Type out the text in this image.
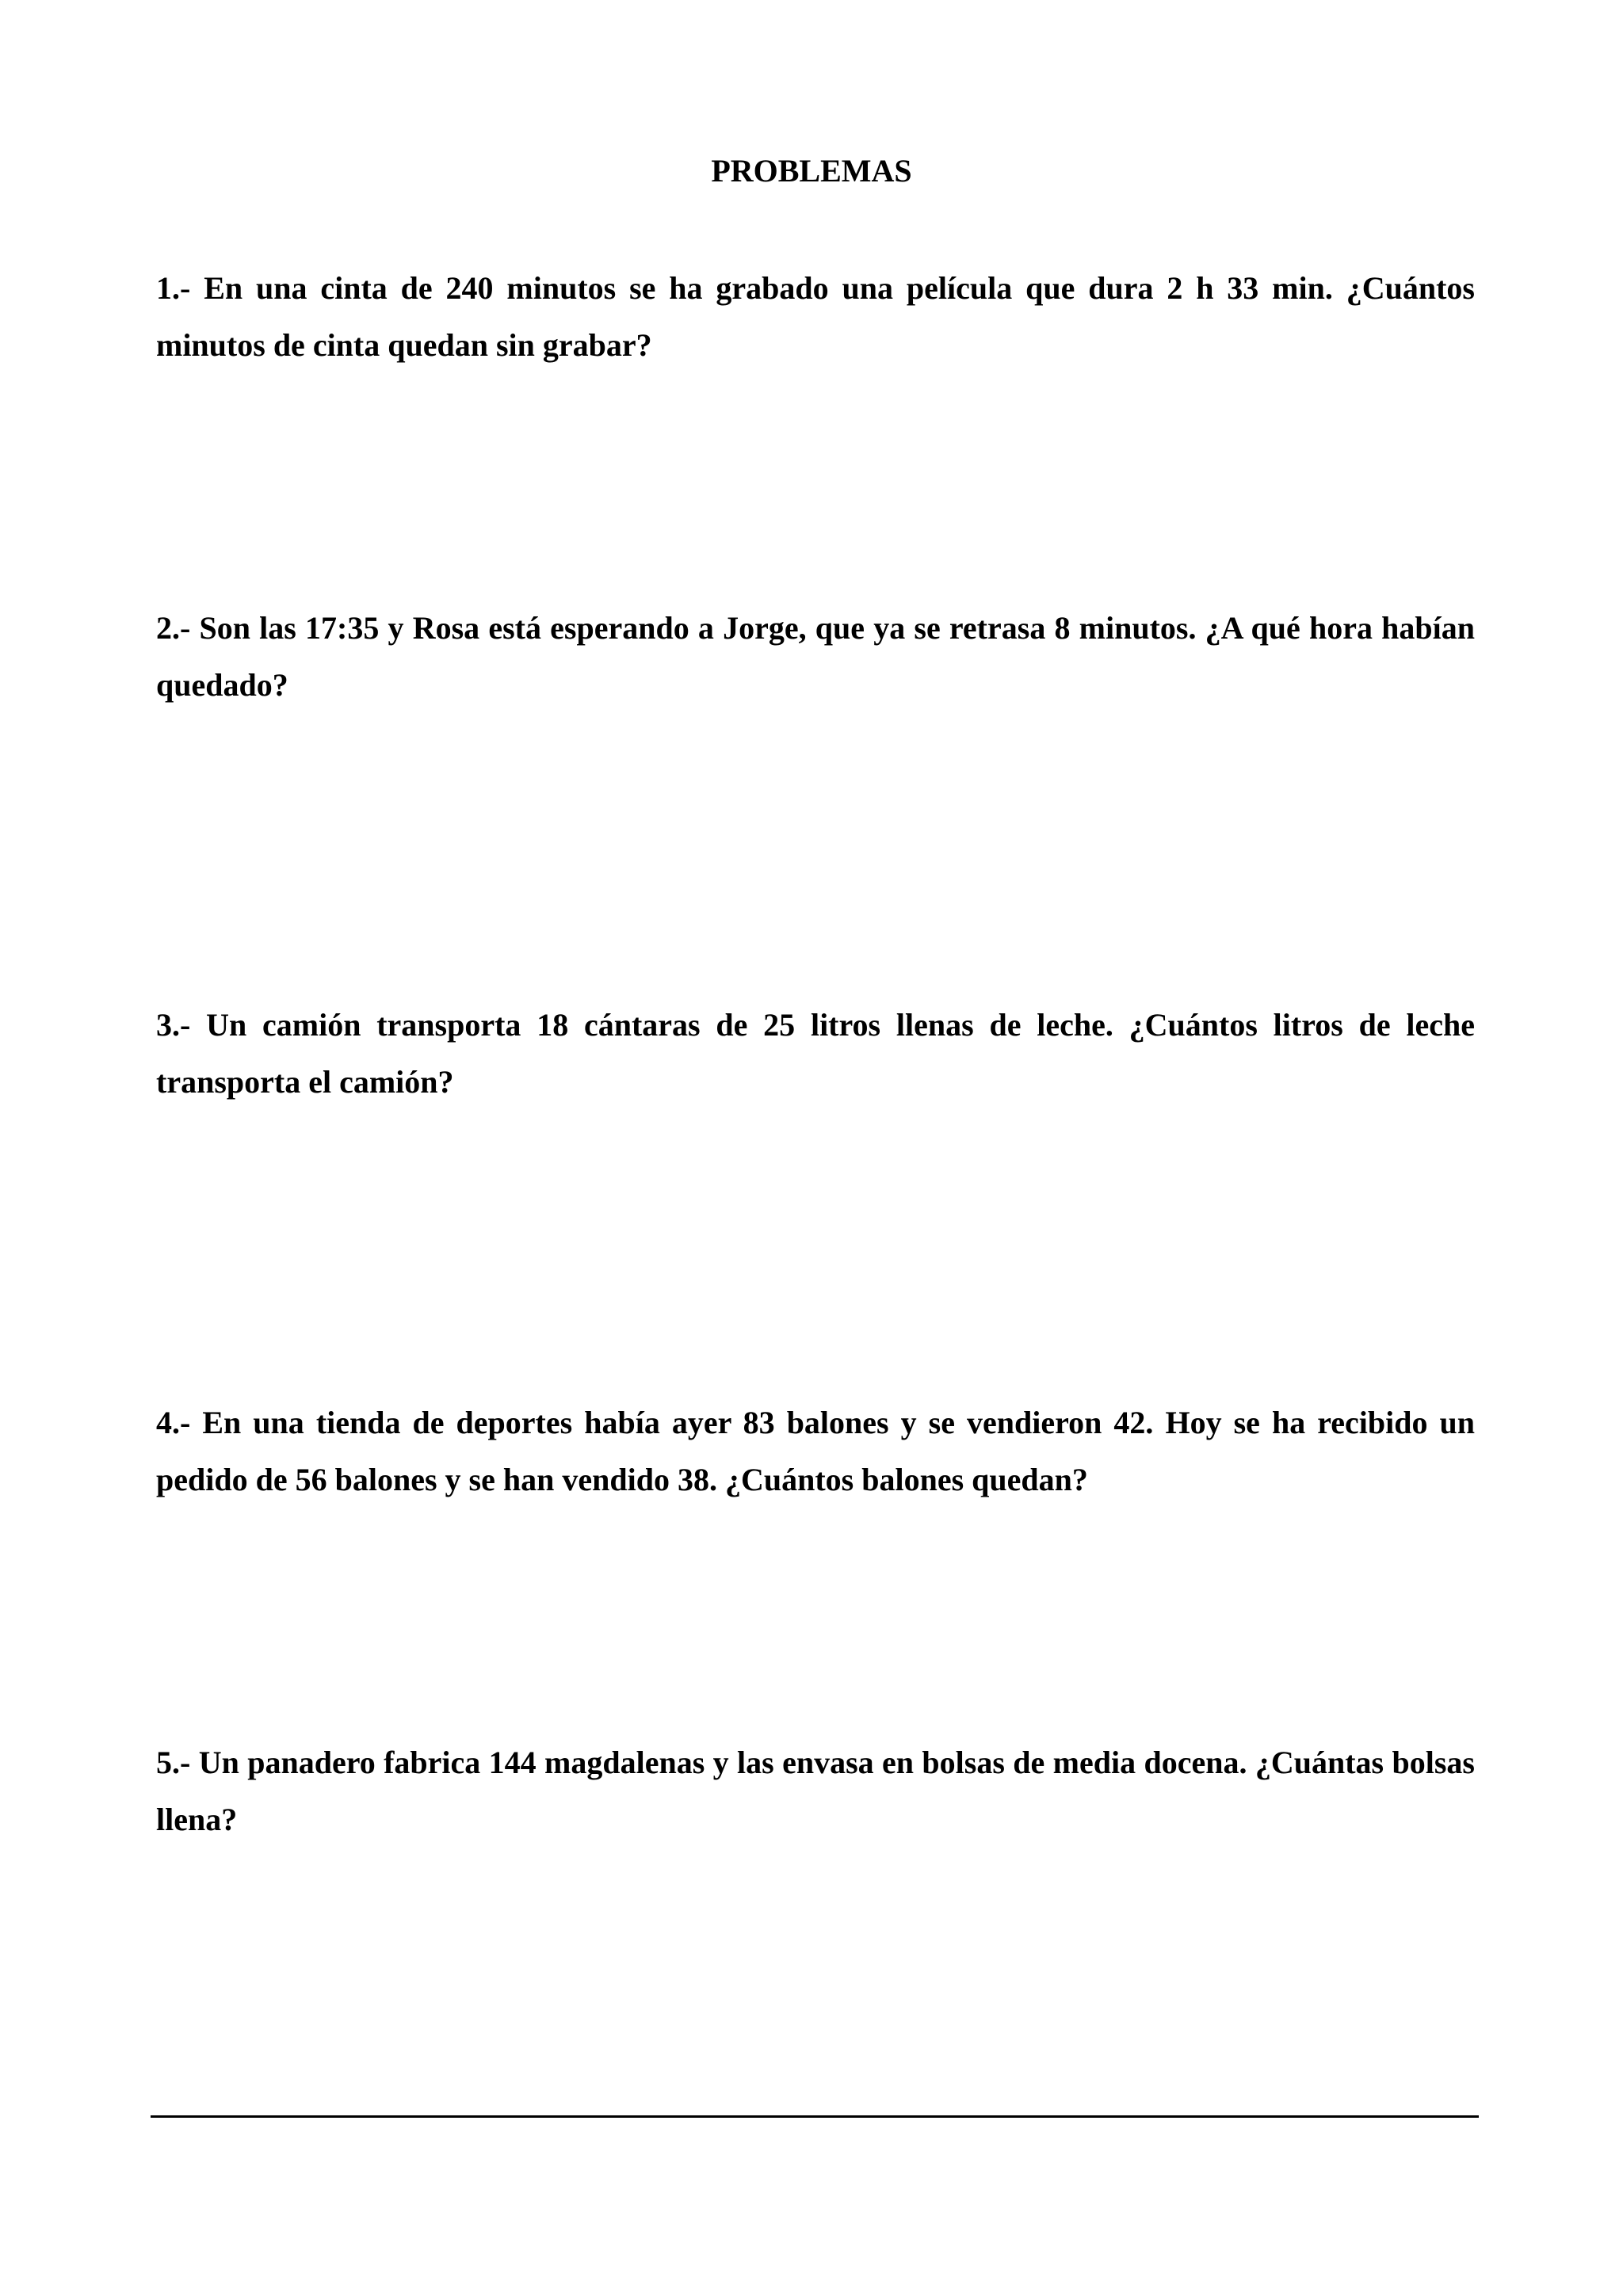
PROBLEMAS

1.- En una cinta de 240 minutos se ha grabado una película que dura 2 h 33 min. ¿Cuántos minutos de cinta quedan sin grabar?

2.- Son las 17:35 y Rosa está esperando a Jorge, que ya se retrasa 8 minutos. ¿A qué hora habían quedado?

3.- Un camión transporta 18 cántaras de 25 litros llenas de leche. ¿Cuántos litros de leche transporta el camión?

4.- En una tienda de deportes había ayer 83 balones y se vendieron 42. Hoy se ha recibido un pedido de 56 balones y se han vendido 38. ¿Cuántos balones quedan?

5.- Un panadero fabrica 144 magdalenas y las envasa en bolsas de media docena. ¿Cuántas bolsas llena?
